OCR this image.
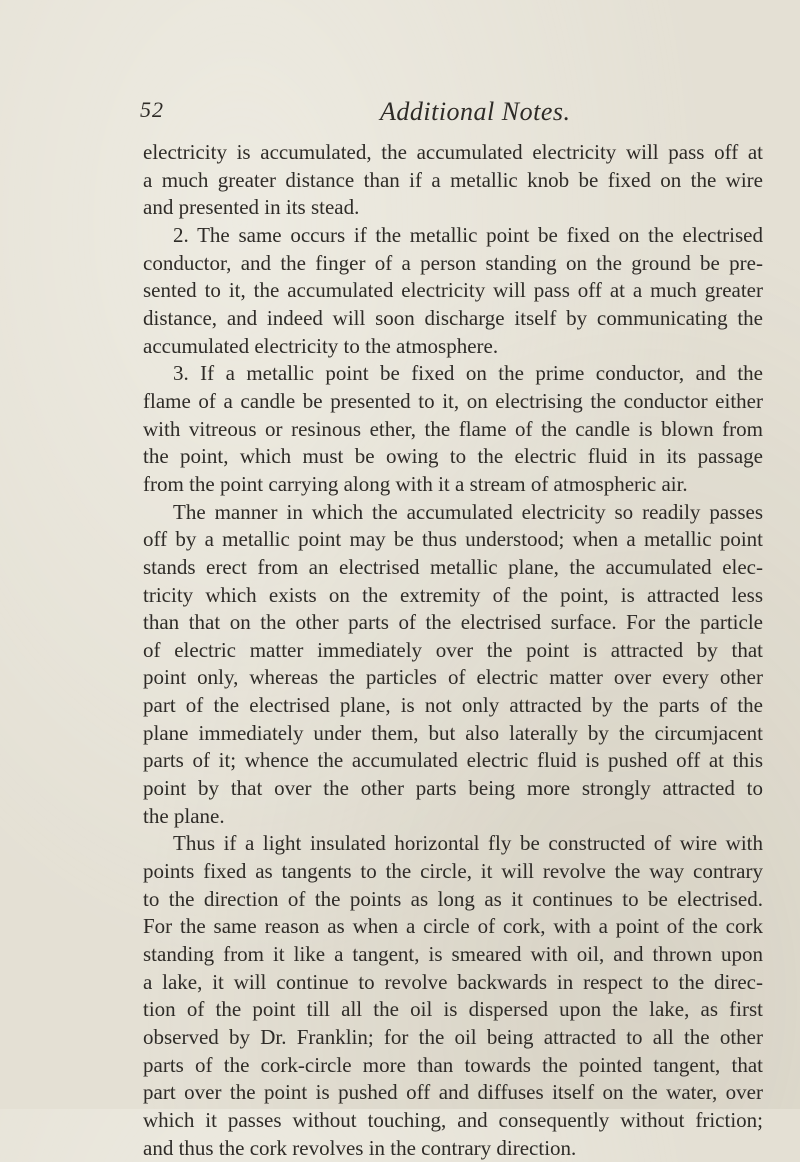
52	Additional Notes.
electricity is accumulated, the accumulated electricity will pass off at
a much greater distance than if a metallic knob be fixed on the wire
and presented in its stead.
2. The same occurs if the metallic point be fixed on the electrised
conductor, and the finger of a person standing on the ground be pre-
sented to it, the accumulated electricity will pass off at a much greater
distance, and indeed will soon discharge itself by communicating the
accumulated electricity to the atmosphere.
3. If a metallic point be fixed on the prime conductor, and the
flame of a candle be presented to it, on electrising the conductor either
with vitreous or resinous ether, the flame of the candle is blown from
the point, which must be owing to the electric fluid in its passage
from the point carrying along with it a stream of atmospheric air.
The manner in which the accumulated electricity so readily passes
off by a metallic point may be thus understood; when a metallic point
stands erect from an electrised metallic plane, the accumulated elec-
tricity which exists on the extremity of the point, is attracted less
than that on the other parts of the electrised surface. For the particle
of electric matter immediately over the point is attracted by that
point only, whereas the particles of electric matter over every other
part of the electrised plane, is not only attracted by the parts of the
plane immediately under them, but also laterally by the circumjacent
parts of it; whence the accumulated electric fluid is pushed off at this
point by that over the other parts being more strongly attracted to
the plane.
Thus if a light insulated horizontal fly be constructed of wire with
points fixed as tangents to the circle, it will revolve the way contrary
to the direction of the points as long as it continues to be electrised.
For the same reason as when a circle of cork, with a point of the cork
standing from it like a tangent, is smeared with oil, and thrown upon
a lake, it will continue to revolve backwards in respect to the direc-
tion of the point till all the oil is dispersed upon the lake, as first
observed by Dr. Franklin; for the oil being attracted to all the other
parts of the cork-circle more than towards the pointed tangent, that
part over the point is pushed off and diffuses itself on the water, over
which it passes without touching, and consequently without friction;
and thus the cork revolves in the contrary direction.
